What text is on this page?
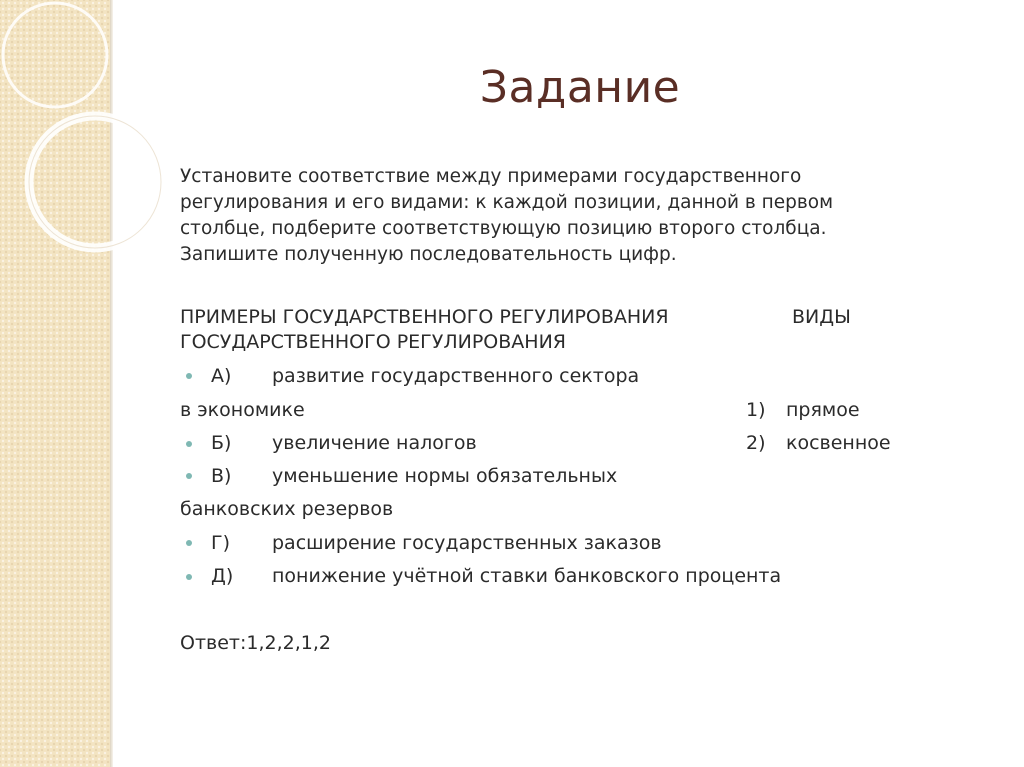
Задание
Установите соответствие между примерами государственного
регулирования и его видами: к каждой позиции, данной в первом
столбце, подберите соответствующую позицию второго столбца.
Запишите полученную последовательность цифр.
ПРИМЕРЫ ГОСУДАРСТВЕННОГО РЕГУЛИРОВАНИЯ	ВИДЫ
ГОСУДАРСТВЕННОГО РЕГУЛИРОВАНИЯ
А) развитие государственного сектора
в экономике	1) прямое
Б) увеличение налогов	2) косвенное
В) уменьшение нормы обязательных
банковских резервов
Г) расширение государственных заказов
Д) понижение учётной ставки банковского процента
Ответ:1,2,2,1,2
